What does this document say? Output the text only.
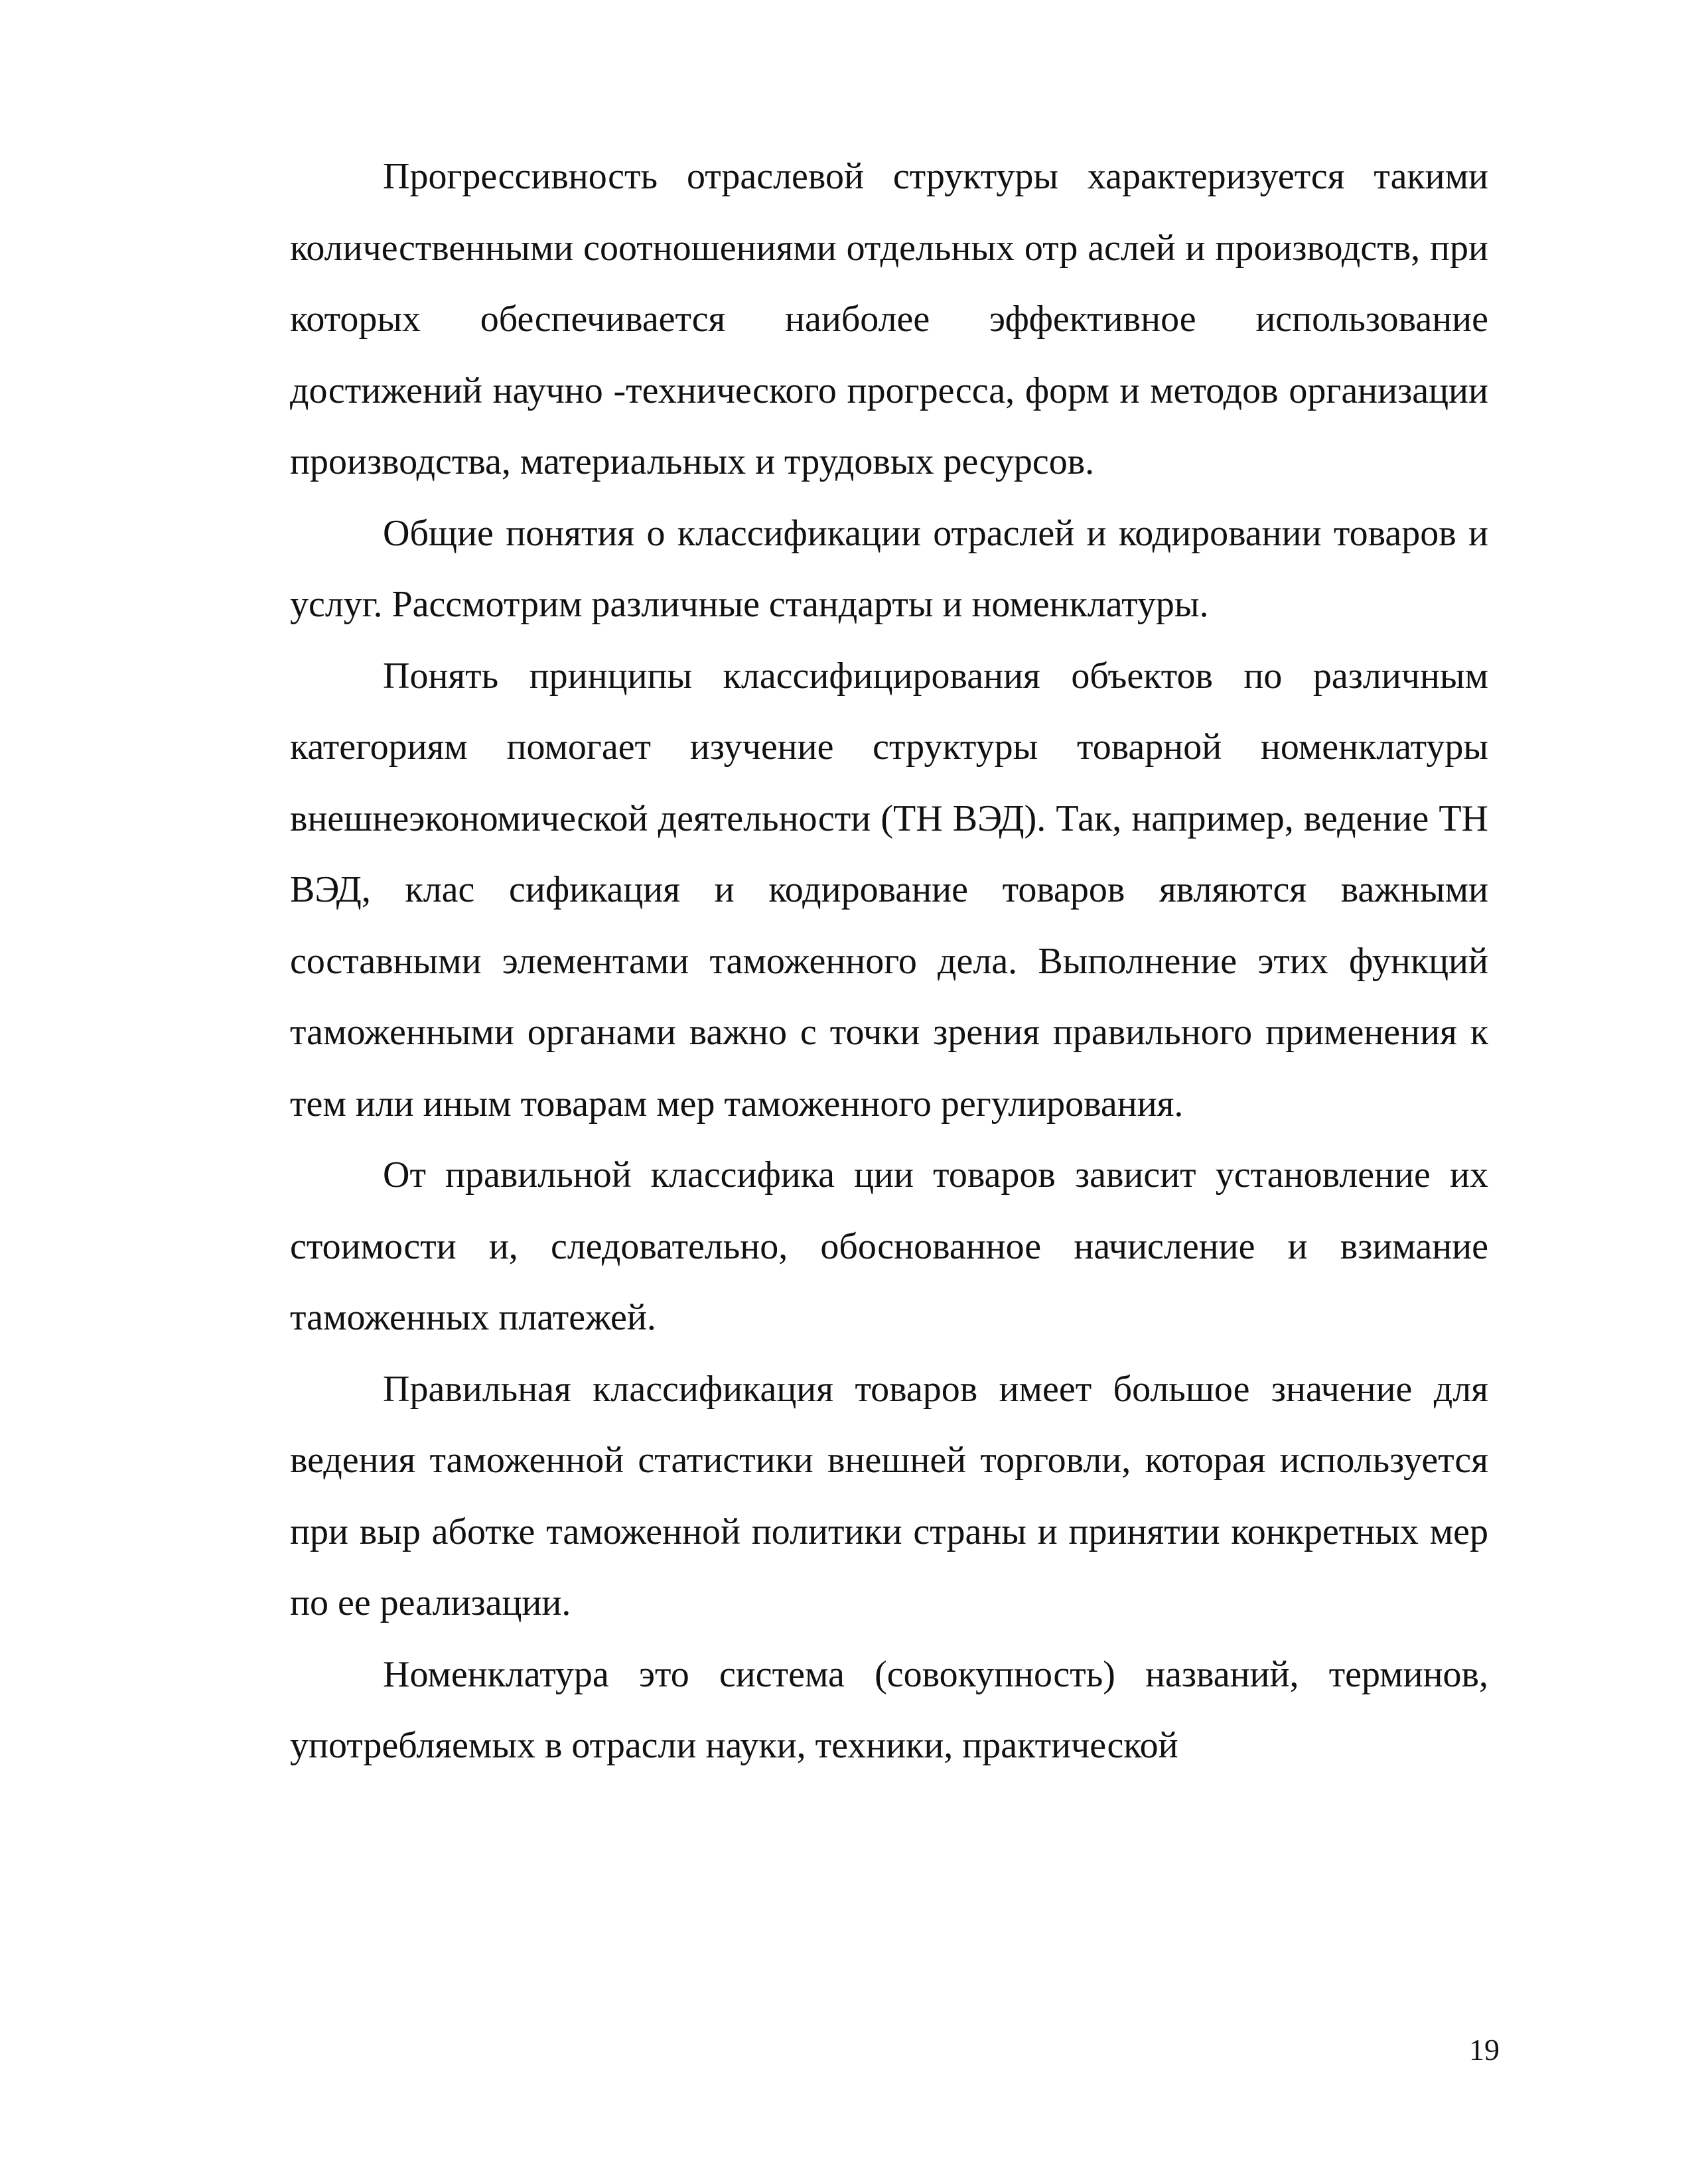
Прогрессивность отраслевой структуры характеризуется такими количественными соотношениями отдельных отр аслей и производств, при которых обеспечивается наиболее эффективное использование достижений научно -технического прогресса, форм и методов организации производства, материальных и трудовых ресурсов.

Общие понятия о классификации отраслей и кодировании товаров и услуг. Рассмотрим различные стандарты и номенклатуры.

Понять принципы классифицирования объектов по различным категориям помогает изучение структуры товарной номенклатуры внешнеэкономической деятельности (ТН ВЭД). Так, например, ведение ТН ВЭД, клас сификация и кодирование товаров являются важными составными элементами таможенного дела. Выполнение этих функций таможенными органами важно с точки зрения правильного применения к тем или иным товарам мер таможенного регулирования.

От правильной классифика ции товаров зависит установление их стоимости и, следовательно, обоснованное начисление и взимание таможенных платежей.

Правильная классификация товаров имеет большое значение для ведения таможенной статистики внешней торговли, которая используется при выр аботке таможенной политики страны и принятии конкретных мер по ее реализации.

Номенклатура это система (совокупность) названий, терминов, употребляемых в отрасли науки, техники, практической

19
